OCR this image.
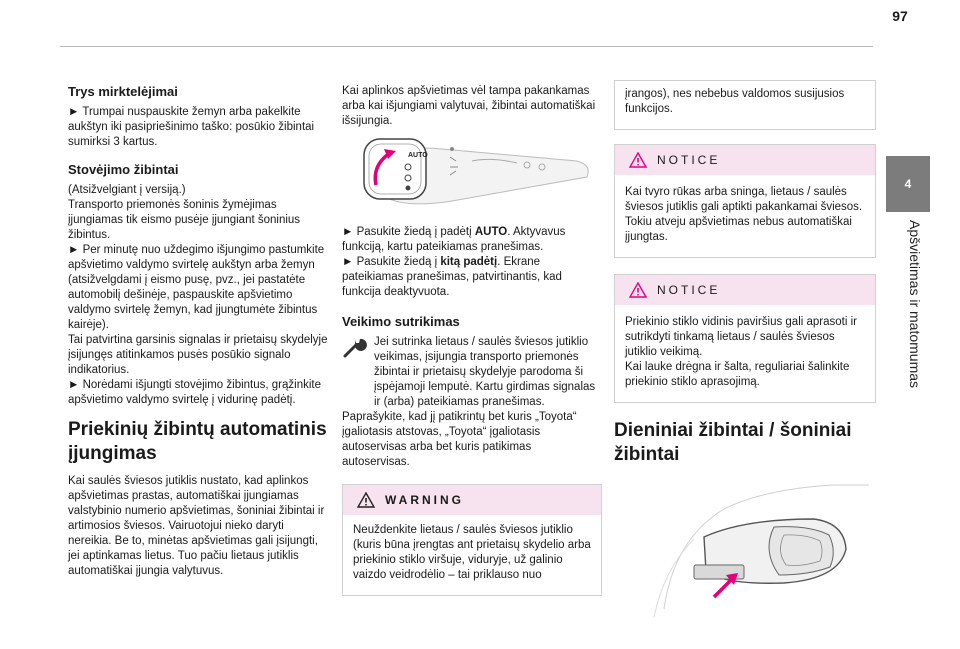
97
4
Apšvietimas ir matomumas
Trys mirktelėjimai
► Trumpai nuspauskite žemyn arba pakelkite aukštyn iki pasipriešinimo taško: posūkio žibintai sumirksi 3 kartus.
Stovėjimo žibintai
(Atsižvelgiant į versiją.)
Transporto priemonės šoninis žymėjimas įjungiamas tik eismo pusėje įjungiant šoninius žibintus.
► Per minutę nuo uždegimo išjungimo pastumkite apšvietimo valdymo svirtelę aukštyn arba žemyn (atsižvelgdami į eismo pusę, pvz., jei pastatėte automobilį dešinėje, paspauskite apšvietimo valdymo svirtelę žemyn, kad įjungtumėte žibintus kairėje).
Tai patvirtina garsinis signalas ir prietaisų skydelyje įsijungęs atitinkamos pusės posūkio signalo indikatorius.
► Norėdami išjungti stovėjimo žibintus, grąžinkite apšvietimo valdymo svirtelę į vidurinę padėtį.
Priekinių žibintų automatinis įjungimas
Kai saulės šviesos jutiklis nustato, kad aplinkos apšvietimas prastas, automatiškai įjungiamas valstybinio numerio apšvietimas, šoniniai žibintai ir artimosios šviesos. Vairuotojui nieko daryti nereikia. Be to, minėtas apšvietimas gali įsijungti, jei aptinkamas lietus. Tuo pačiu lietaus jutiklis automatiškai įjungia valytuvus.
Kai aplinkos apšvietimas vėl tampa pakankamas arba kai išjungiami valytuvai, žibintai automatiškai išsijungia.
AUTO
► Pasukite žiedą į padėtį AUTO. Aktyvavus funkciją, kartu pateikiamas pranešimas.
► Pasukite žiedą į kitą padėtį. Ekrane pateikiamas pranešimas, patvirtinantis, kad funkcija deaktyvuota.
Veikimo sutrikimas
Jei sutrinka lietaus / saulės šviesos jutiklio veikimas, įsijungia transporto priemonės žibintai ir prietaisų skydelyje parodoma ši įspėjamoji lemputė. Kartu girdimas signalas ir (arba) pateikiamas pranešimas.
Paprašykite, kad jį patikrintų bet kuris „Toyota“ įgaliotasis atstovas, „Toyota“ įgaliotasis autoservisas arba bet kuris patikimas autoservisas.
WARNING
Neuždenkite lietaus / saulės šviesos jutiklio (kuris būna įrengtas ant prietaisų skydelio arba priekinio stiklo viršuje, viduryje, už galinio vaizdo veidrodėlio – tai priklauso nuo
įrangos), nes nebebus valdomos susijusios funkcijos.
NOTICE
Kai tvyro rūkas arba sninga, lietaus / saulės šviesos jutiklis gali aptikti pakankamai šviesos. Tokiu atveju apšvietimas nebus automatiškai įjungtas.
NOTICE
Priekinio stiklo vidinis paviršius gali aprasoti ir sutrikdyti tinkamą lietaus / saulės šviesos jutiklio veikimą.
Kai lauke drėgna ir šalta, reguliariai šalinkite priekinio stiklo aprasojimą.
Dieniniai žibintai / šoniniai žibintai
